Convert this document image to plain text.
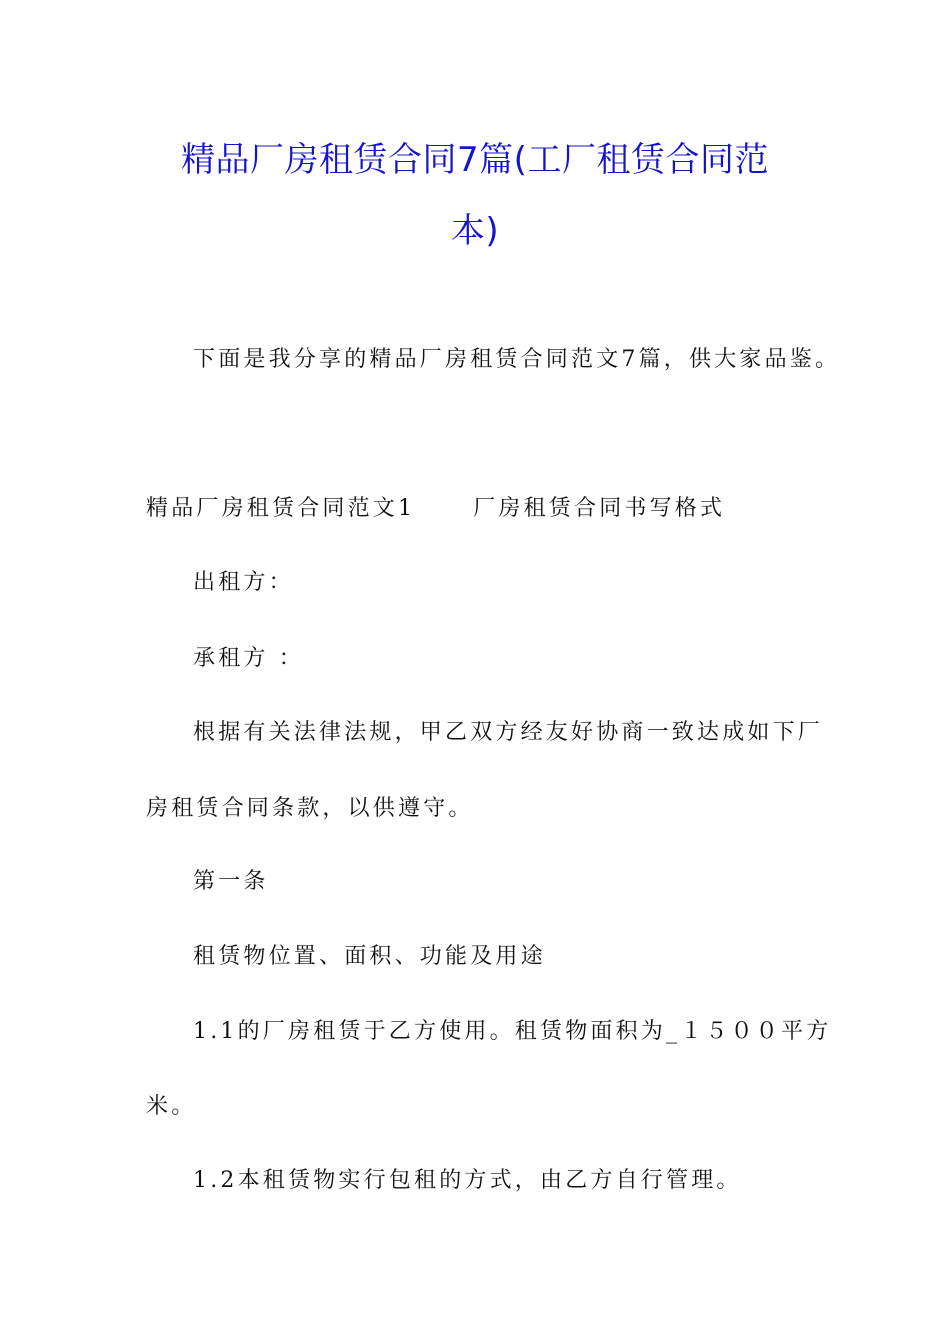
精品厂房租赁合同7篇(工厂租赁合同范
本)
下面是我分享的精品厂房租赁合同范文7篇，供大家品鉴。
精品厂房租赁合同范文1	厂房租赁合同书写格式
出租方：
承租方 ：
根据有关法律法规，甲乙双方经友好协商一致达成如下厂
房租赁合同条款，以供遵守。
第一条
租赁物位置、面积、功能及用途
1.1的厂房租赁于乙方使用。租赁物面积为_１５００平方
米。
1.2本租赁物实行包租的方式，由乙方自行管理。
